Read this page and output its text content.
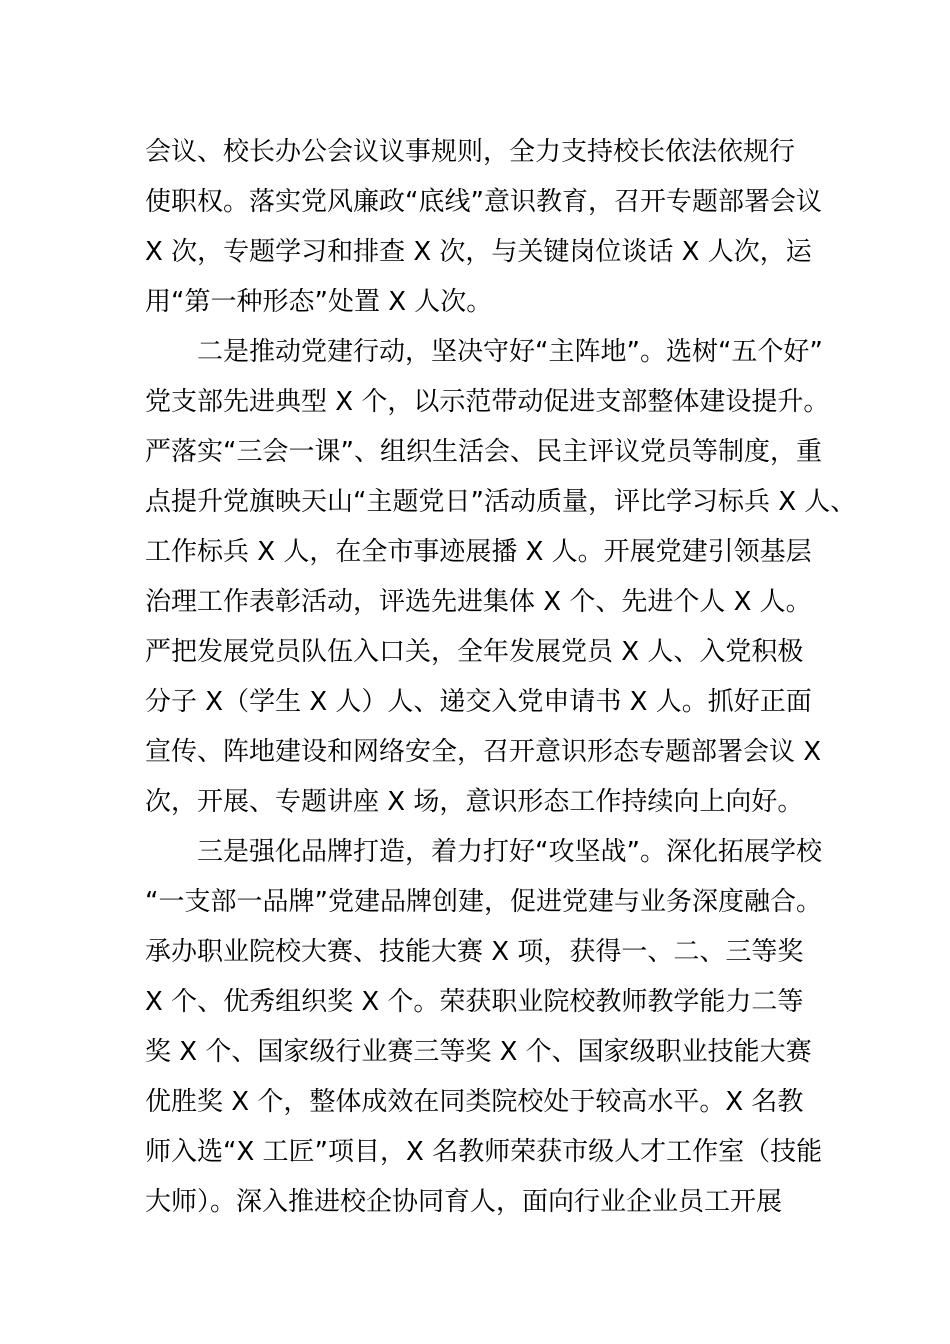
会议、校长办公会议议事规则，全力支持校长依法依规行
使职权。落实党风廉政“底线”意识教育，召开专题部署会议
X 次，专题学习和排查 X 次，与关键岗位谈话 X 人次，运
用“第一种形态”处置 X 人次。
二是推动党建行动，坚决守好“主阵地”。选树“五个好”
党支部先进典型 X 个，以示范带动促进支部整体建设提升。
严落实“三会一课”、组织生活会、民主评议党员等制度，重
点提升党旗映天山“主题党日”活动质量，评比学习标兵 X 人、
工作标兵 X 人，在全市事迹展播 X 人。开展党建引领基层
治理工作表彰活动，评选先进集体 X 个、先进个人 X 人。
严把发展党员队伍入口关，全年发展党员 X 人、入党积极
分子 X（学生 X 人）人、递交入党申请书 X 人。抓好正面
宣传、阵地建设和网络安全，召开意识形态专题部署会议 X
次，开展、专题讲座 X 场，意识形态工作持续向上向好。
三是强化品牌打造，着力打好“攻坚战”。深化拓展学校
“一支部一品牌”党建品牌创建，促进党建与业务深度融合。
承办职业院校大赛、技能大赛 X 项，获得一、二、三等奖
X 个、优秀组织奖 X 个。荣获职业院校教师教学能力二等
奖 X 个、国家级行业赛三等奖 X 个、国家级职业技能大赛
优胜奖 X 个，整体成效在同类院校处于较高水平。X 名教
师入选“X 工匠”项目，X 名教师荣获市级人才工作室（技能
大师）。深入推进校企协同育人，面向行业企业员工开展
